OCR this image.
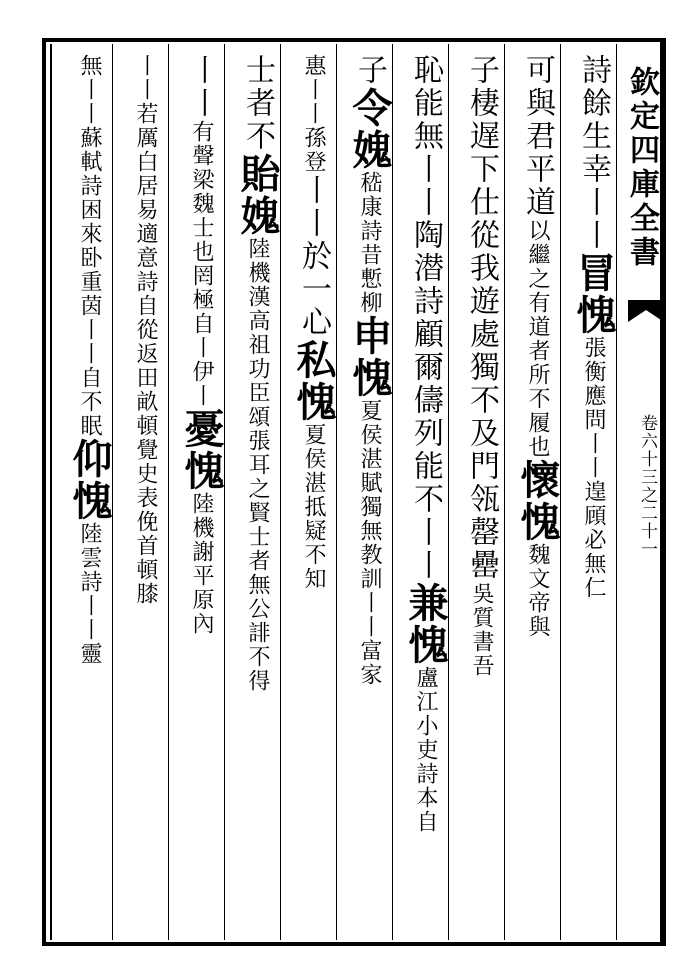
欽定四庫全書
卷六十三之二十一
詩餘生幸丨丨冒愧張衡應問丨丨遑頋必無仁
可與君平道以繼之有道者所不履也懷愧魏文帝與
子棲遅下仕從我遊處獨不及門瓴罄罍吳質書吾
恥能無丨丨陶潜詩顧爾儔列能不丨丨兼愧盧江小吏詩本自
子令媿嵇康詩昔慙柳申愧夏侯湛賦獨無教訓丨丨富家
惠丨丨孫登丨丨於一心私愧夏侯湛抵疑不知
士者不貽媿陸機漢高祖功臣頌張耳之賢士者無公誹不得
丨丨有聲梁魏士也罔極自丨伊丨憂愧陸機謝平原內
丨丨若厲白居易適意詩自從返田畝頓覺史表俛首頓膝
無丨丨蘇軾詩困來卧重茵丨丨自不眠仰愧陸雲詩丨丨靈
